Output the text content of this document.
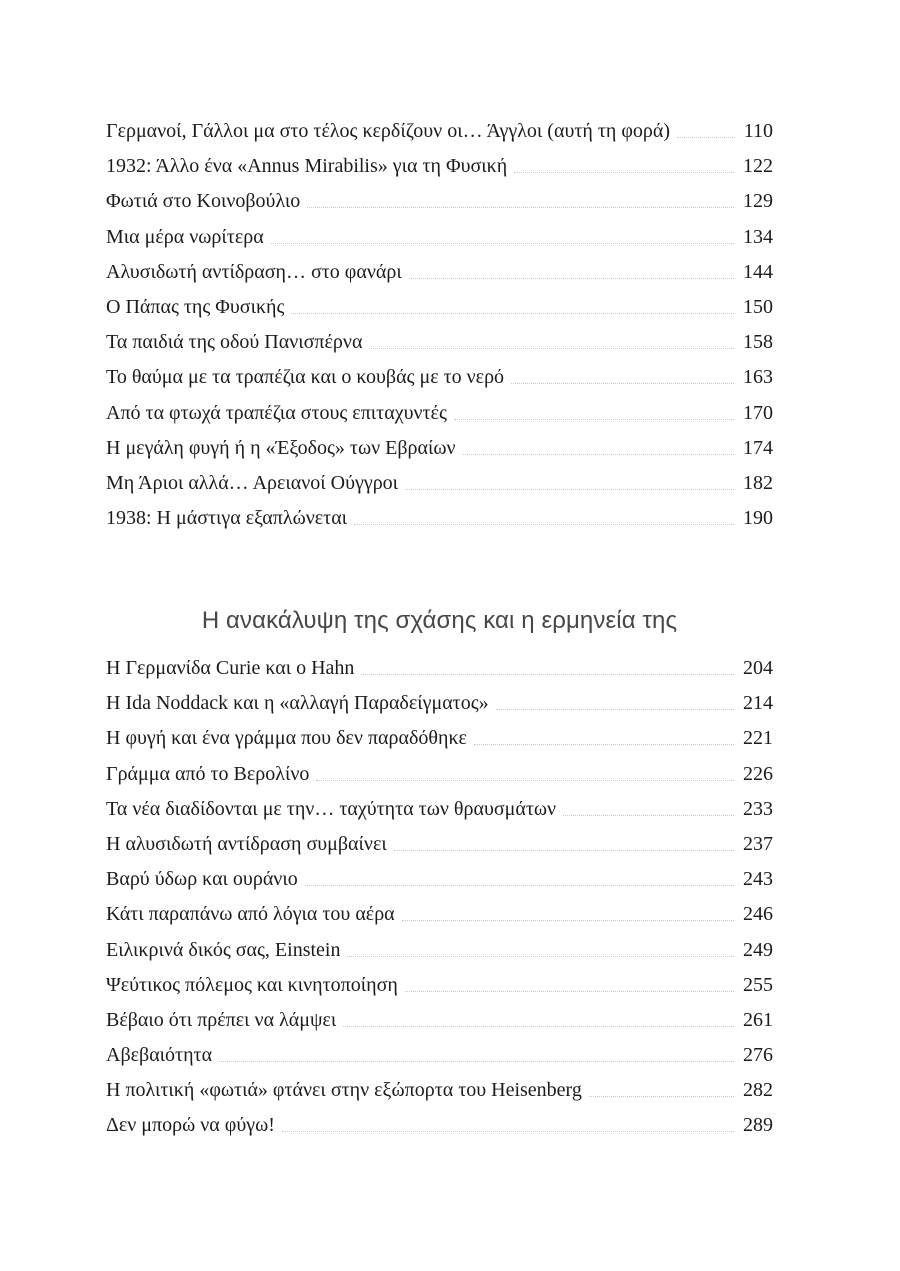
Γερμανοί, Γάλλοι μα στο τέλος κερδίζουν οι… Άγγλοι (αυτή τη φορά)	110
1932: Άλλο ένα «Annus Mirabilis» για τη Φυσική	122
Φωτιά στο Κοινοβούλιο	129
Μια μέρα νωρίτερα	134
Αλυσιδωτή αντίδραση… στο φανάρι	144
Ο Πάπας της Φυσικής	150
Τα παιδιά της οδού Πανισπέρνα	158
Το θαύμα με τα τραπέζια και ο κουβάς με το νερό	163
Από τα φτωχά τραπέζια στους επιταχυντές	170
Η μεγάλη φυγή ή η «Έξοδος» των Εβραίων	174
Μη Άριοι αλλά… Αρειανοί Ούγγροι	182
1938: Η μάστιγα εξαπλώνεται	190
Η ανακάλυψη της σχάσης και η ερμηνεία της
Η Γερμανίδα Curie και ο Hahn	204
Η Ida Noddack και η «αλλαγή Παραδείγματος»	214
Η φυγή και ένα γράμμα που δεν παραδόθηκε	221
Γράμμα από το Βερολίνο	226
Τα νέα διαδίδονται με την… ταχύτητα των θραυσμάτων	233
Η αλυσιδωτή αντίδραση συμβαίνει	237
Βαρύ ύδωρ και ουράνιο	243
Κάτι παραπάνω από λόγια του αέρα	246
Ειλικρινά δικός σας, Einstein	249
Ψεύτικος πόλεμος και κινητοποίηση	255
Βέβαιο ότι πρέπει να λάμψει	261
Αβεβαιότητα	276
Η πολιτική «φωτιά» φτάνει στην εξώπορτα του Heisenberg	282
Δεν μπορώ να φύγω!	289
